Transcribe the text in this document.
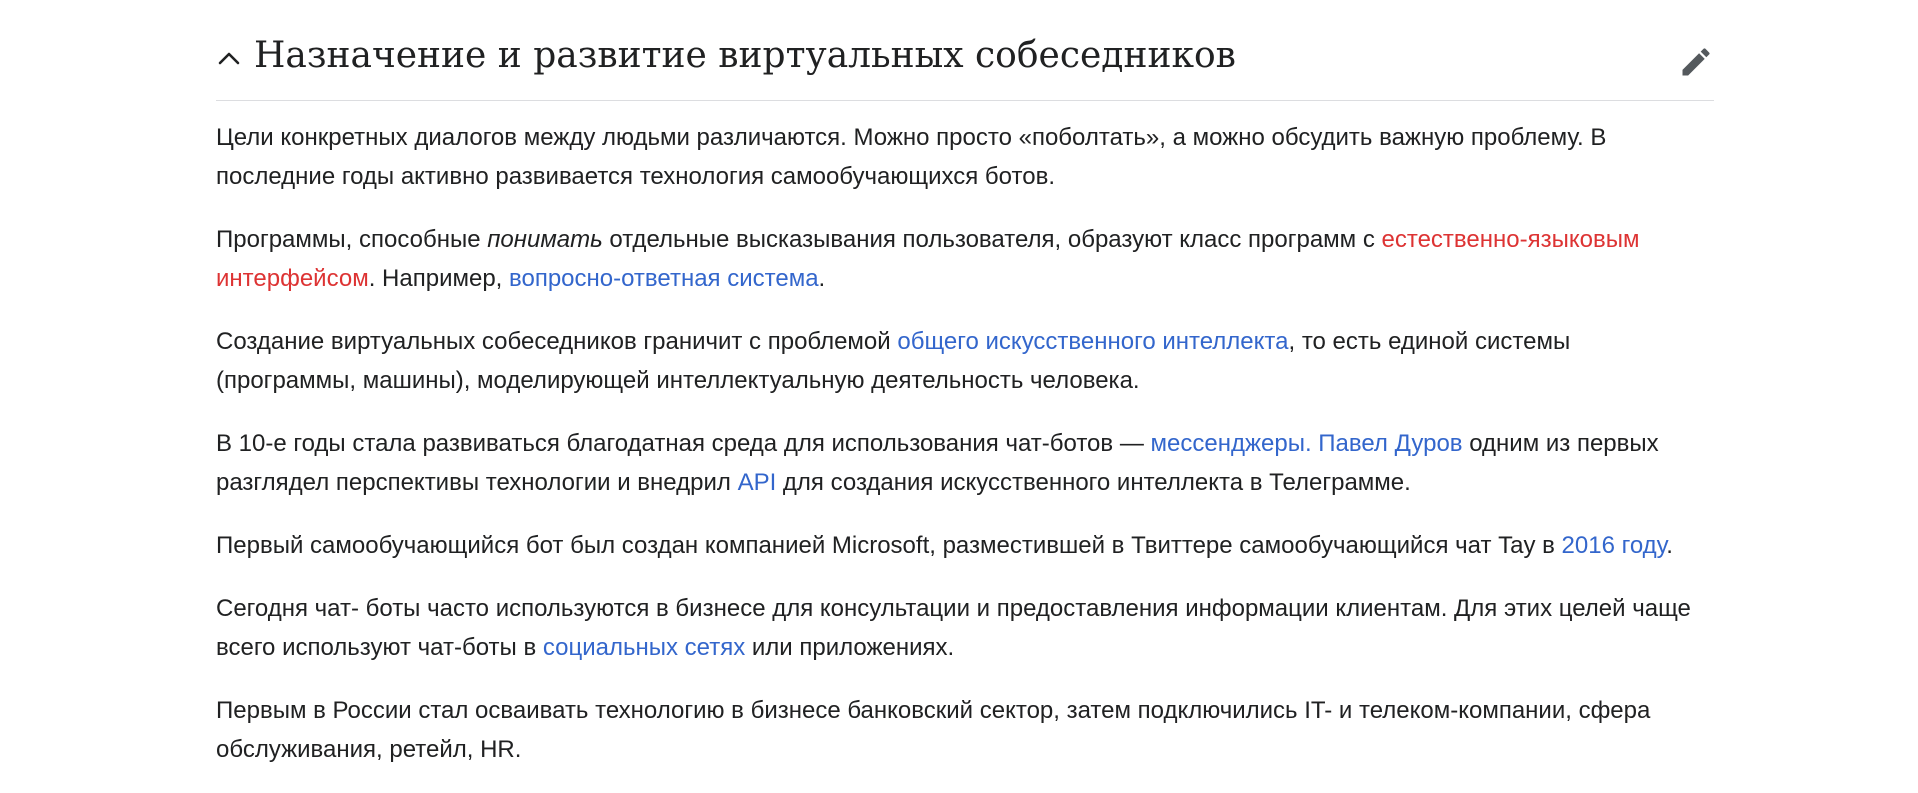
Назначение и развитие виртуальных собеседников

Цели конкретных диалогов между людьми различаются. Можно просто «поболтать», а можно обсудить важную проблему. В последние годы активно развивается технология самообучающихся ботов.

Программы, способные понимать отдельные высказывания пользователя, образуют класс программ с естественно-языковым интерфейсом. Например, вопросно-ответная система.

Создание виртуальных собеседников граничит с проблемой общего искусственного интеллекта, то есть единой системы (программы, машины), моделирующей интеллектуальную деятельность человека.

В 10-е годы стала развиваться благодатная среда для использования чат-ботов — мессенджеры. Павел Дуров одним из первых разглядел перспективы технологии и внедрил API для создания искусственного интеллекта в Телеграмме.

Первый самообучающийся бот был создан компанией Microsoft, разместившей в Твиттере самообучающийся чат Tay в 2016 году.

Сегодня чат- боты часто используются в бизнесе для консультации и предоставления информации клиентам. Для этих целей чаще всего используют чат-боты в социальных сетях или приложениях.

Первым в России стал осваивать технологию в бизнесе банковский сектор, затем подключились IT- и телеком-компании, сфера обслуживания, ретейл, HR.
